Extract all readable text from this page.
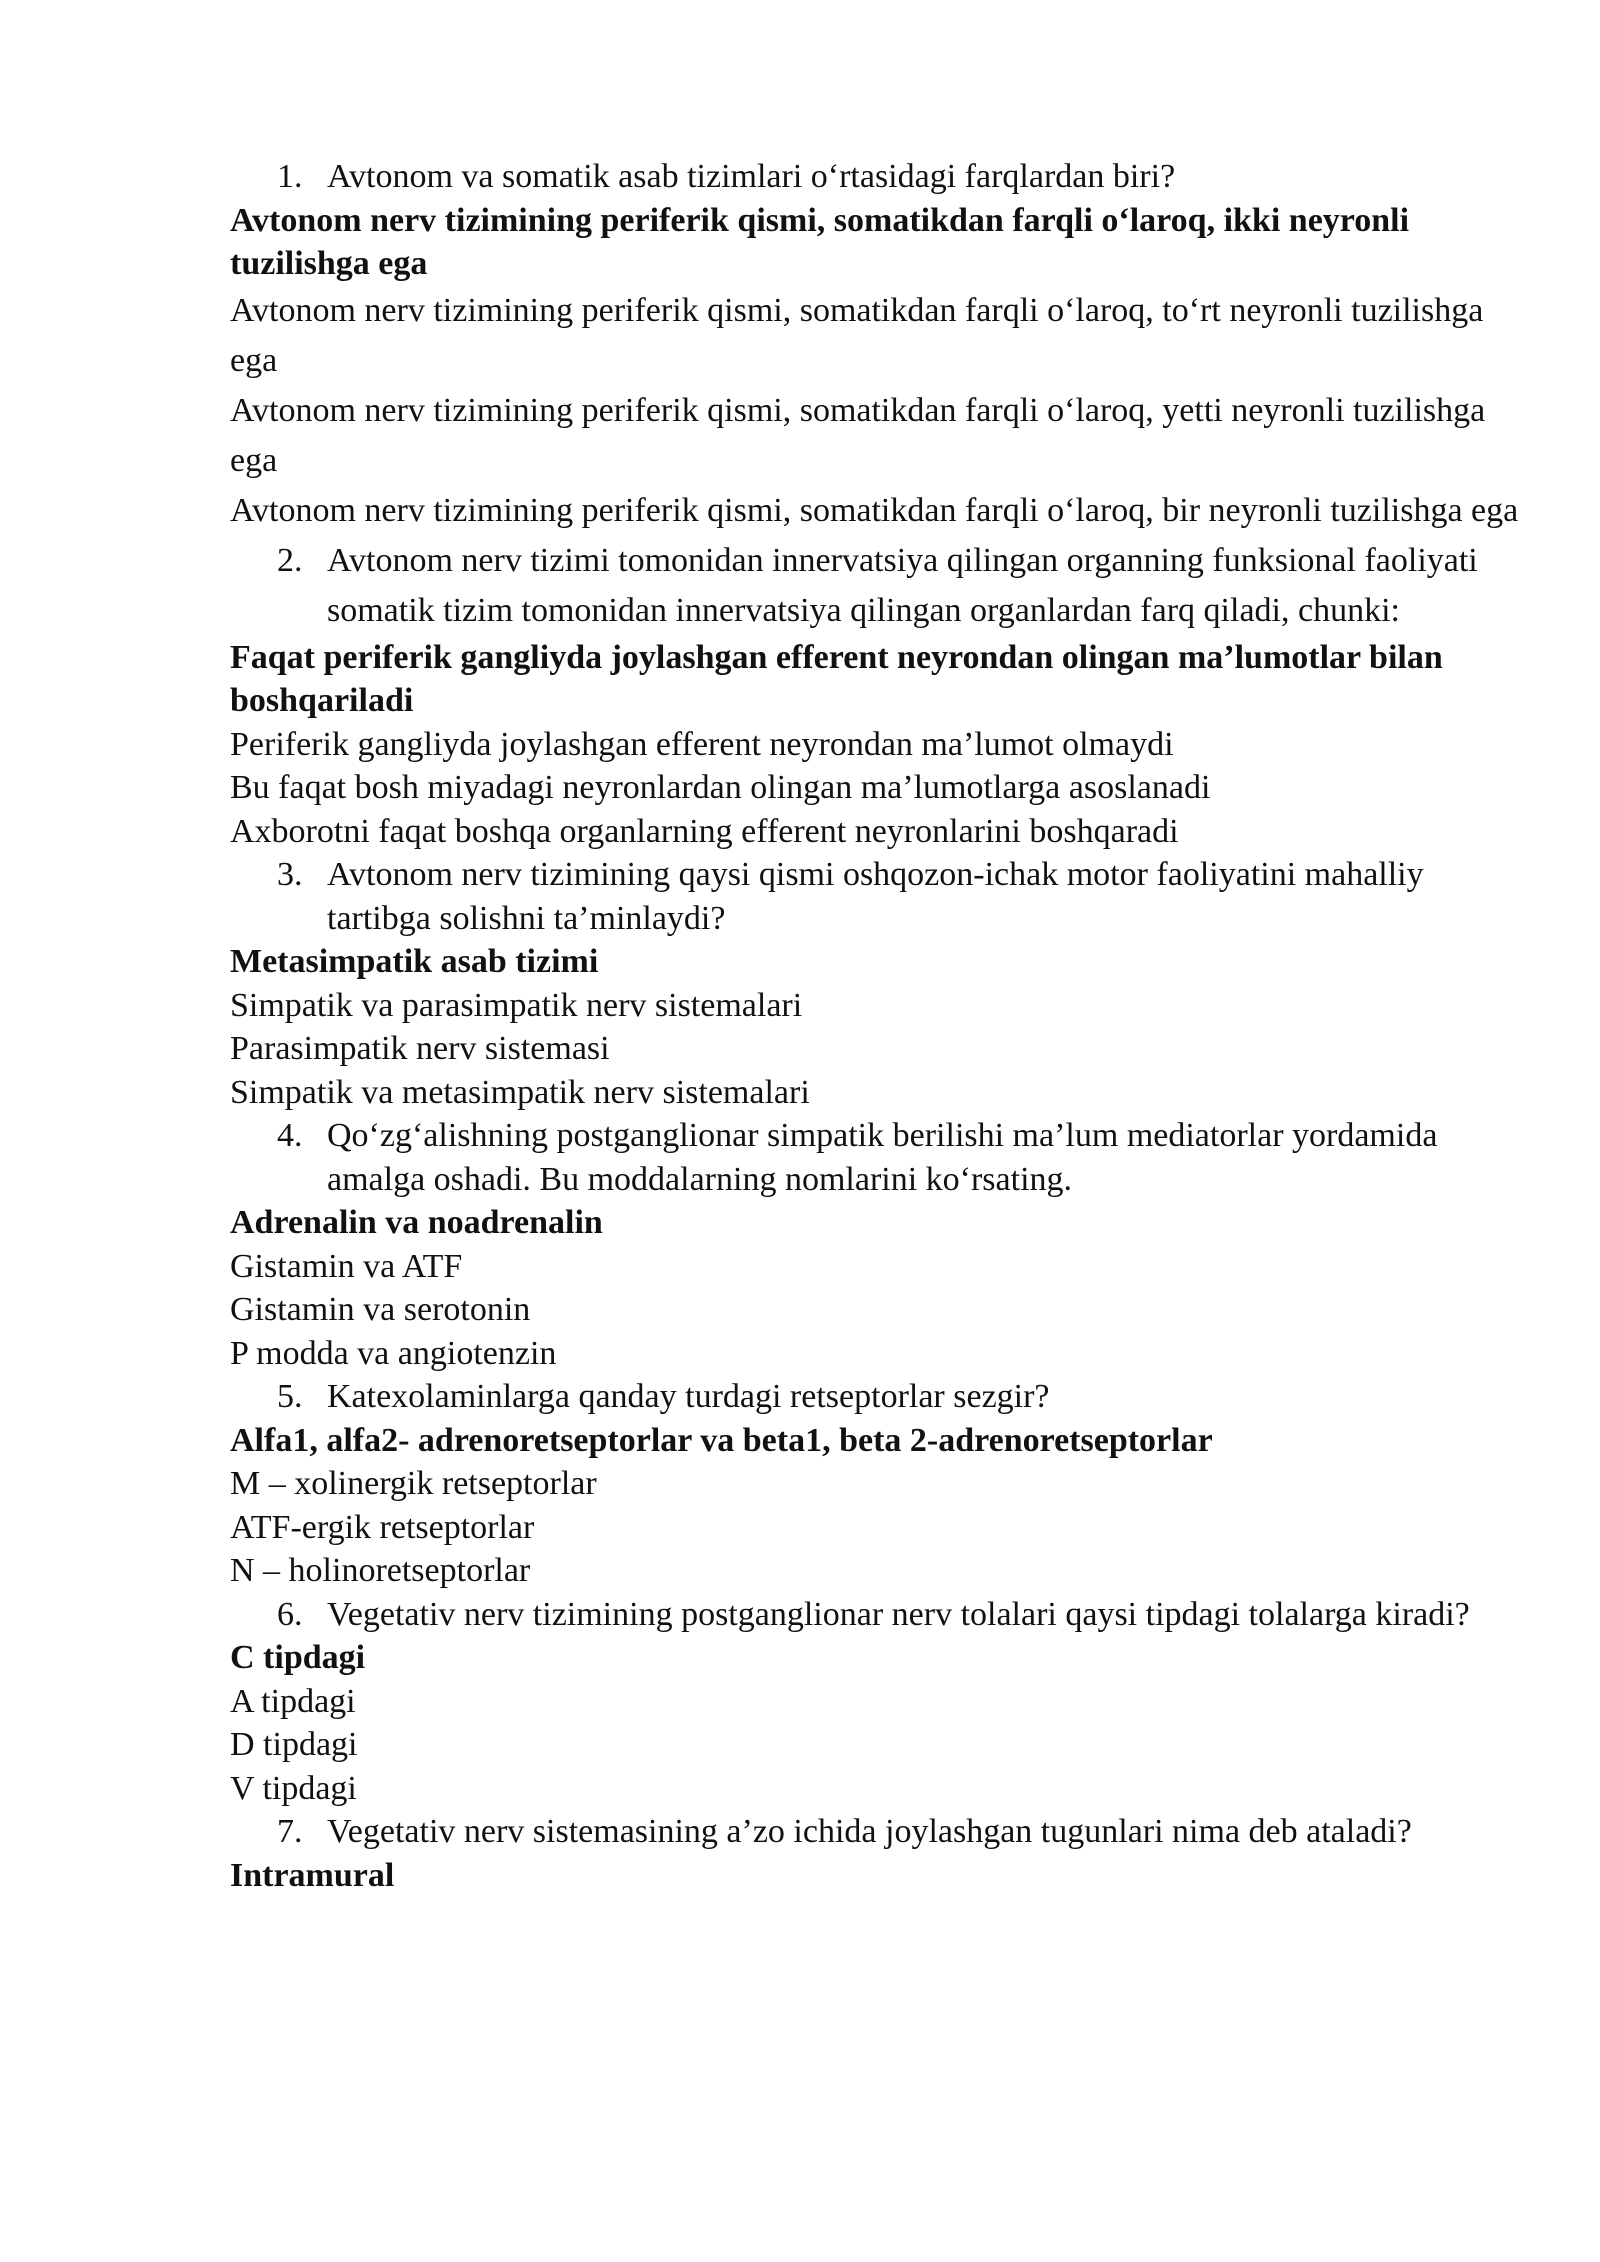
1. Avtonom va somatik asab tizimlari o‘rtasidagi farqlardan biri?
Avtonom nerv tizimining periferik qismi, somatikdan farqli o‘laroq, ikki neyronli tuzilishga ega
Avtonom nerv tizimining periferik qismi, somatikdan farqli o‘laroq, to‘rt neyronli tuzilishga ega
Avtonom nerv tizimining periferik qismi, somatikdan farqli o‘laroq, yetti neyronli tuzilishga ega
Avtonom nerv tizimining periferik qismi, somatikdan farqli o‘laroq, bir neyronli tuzilishga ega
2. Avtonom nerv tizimi tomonidan innervatsiya qilingan organning funksional faoliyati somatik tizim tomonidan innervatsiya qilingan organlardan farq qiladi, chunki:
Faqat periferik gangliyda joylashgan efferent neyrondan olingan ma’lumotlar bilan boshqariladi
Periferik gangliyda joylashgan efferent neyrondan ma’lumot olmaydi
Bu faqat bosh miyadagi neyronlardan olingan ma’lumotlarga asoslanadi
Axborotni faqat boshqa organlarning efferent neyronlarini boshqaradi
3. Avtonom nerv tizimining qaysi qismi oshqozon-ichak motor faoliyatini mahalliy tartibga solishni ta’minlaydi?
Metasimpatik asab tizimi
Simpatik va parasimpatik nerv sistemalari
Parasimpatik nerv sistemasi
Simpatik va metasimpatik nerv sistemalari
4. Qo‘zg‘alishning postganglionar simpatik berilishi ma’lum mediatorlar yordamida amalga oshadi. Bu moddalarning nomlarini ko‘rsating.
Adrenalin va noadrenalin
Gistamin va ATF
Gistamin va serotonin
P modda va angiotenzin
5. Katexolaminlarga qanday turdagi retseptorlar sezgir?
Alfa1, alfa2- adrenoretseptorlar va beta1, beta 2-adrenoretseptorlar
M – xolinergik retseptorlar
ATF-ergik retseptorlar
N – holinoretseptorlar
6. Vegetativ nerv tizimining postganglionar nerv tolalari qaysi tipdagi tolalarga kiradi?
C tipdagi
A tipdagi
D tipdagi
V tipdagi
7. Vegetativ nerv sistemasining a’zo ichida joylashgan tugunlari nima deb ataladi?
Intramural
